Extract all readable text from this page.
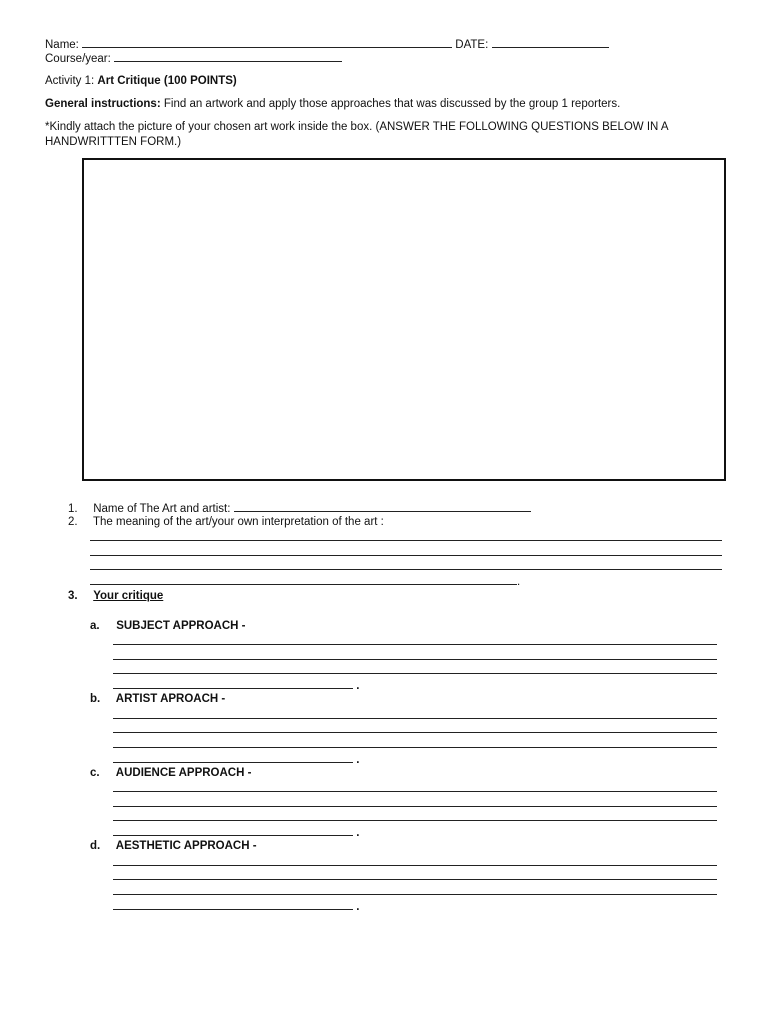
Name:	DATE:
Course/year:
Activity 1: Art Critique (100 POINTS)
General instructions: Find an artwork and apply those approaches that was discussed by the group 1 reporters.
*Kindly attach the picture of your chosen art work inside the box. (ANSWER THE FOLLOWING QUESTIONS BELOW IN A
HANDWRITTTEN FORM.)
1. Name of The Art and artist:
2. The meaning of the art/your own interpretation of the art :
.
3. Your critique
a. SUBJECT APPROACH -
.
b. ARTIST APROACH -
.
c. AUDIENCE APPROACH -
.
d. AESTHETIC APPROACH -
.
